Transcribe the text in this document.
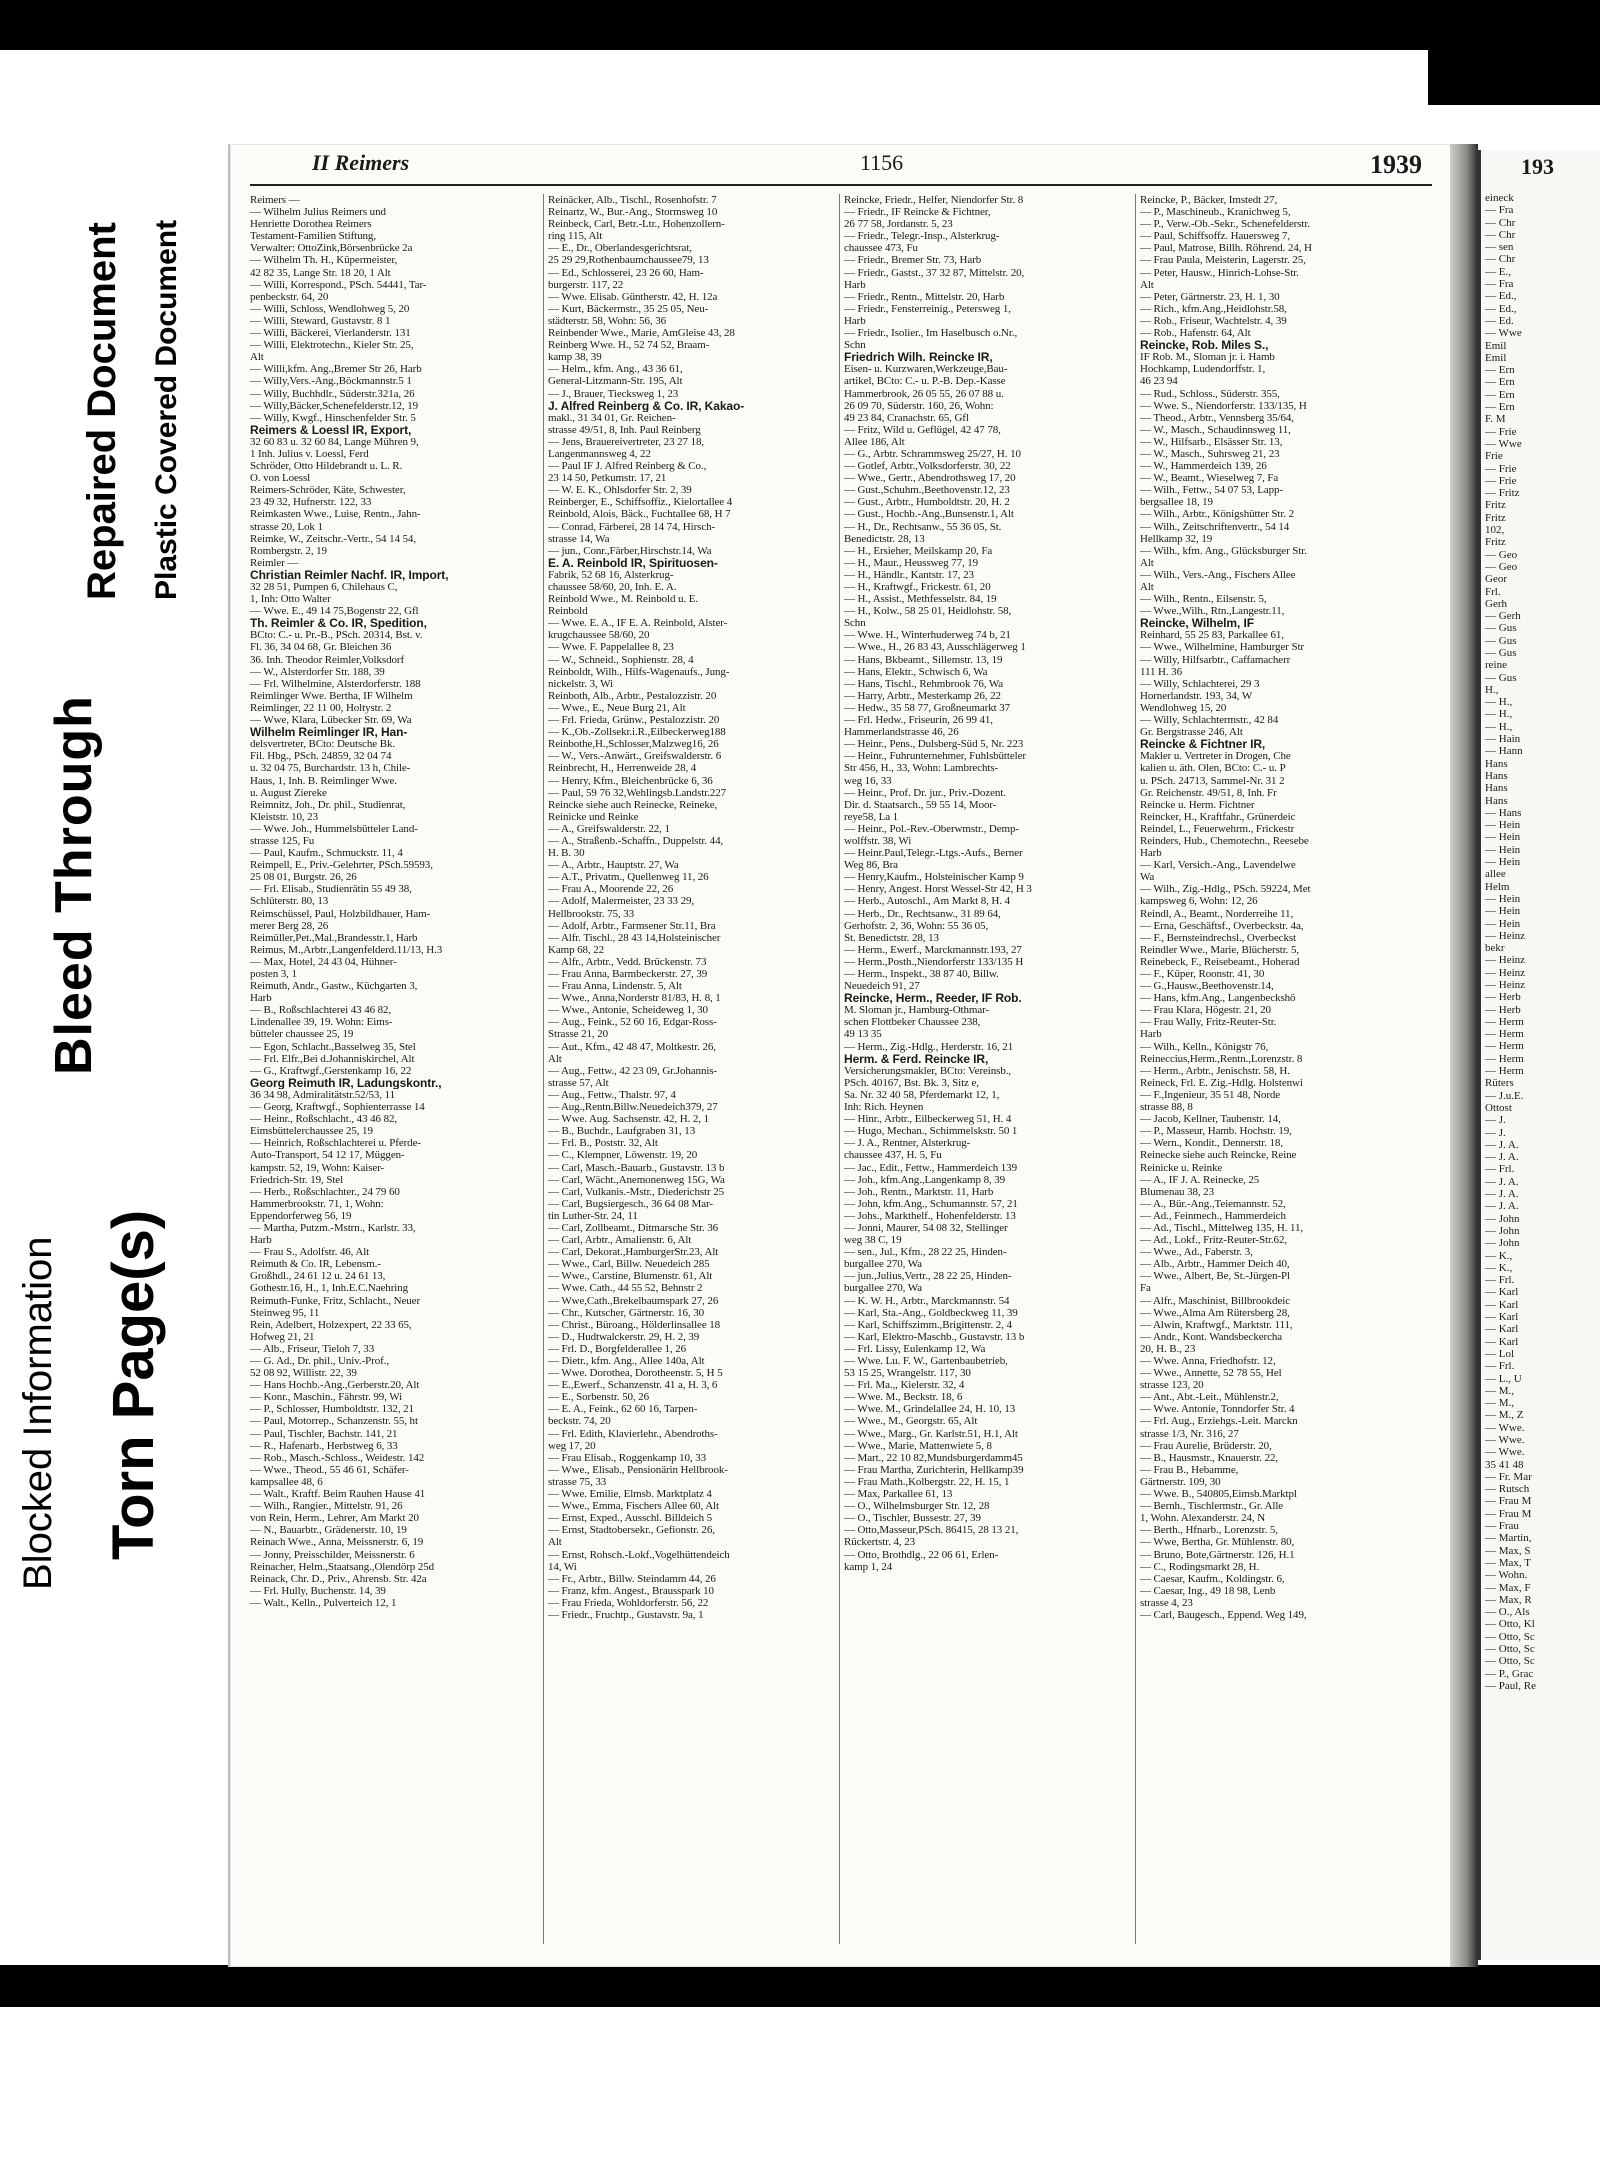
Blocked Information
Bleed Through
Torn Page(s)
Repaired Document Plastic Covered Document
II Reimers	1156	1939
Reimers —
— Wilhelm Julius Reimers und
Henriette Dorothea Reimers
Testament-Familien Stiftung,
Verwalter: OttoZink,Börsenbrücke 2a
— Wilhelm Th. H., Küpermeister,
42 82 35, Lange Str. 18 20, 1 Alt
— Willi, Korrespond., PSch. 54441, Tar-
penbeckstr. 64, 20
— Willi, Schloss, Wendlohweg 5, 20
— Willi, Steward, Gustavstr. 8 1
— Willi, Bäckerei, Vierlanderstr. 131
— Willi, Elektrotechn., Kieler Str. 25,
Alt
— Willi,kfm. Ang.,Bremer Str 26, Harb
— Willy,Vers.-Ang.,Böckmannstr.5 1
— Willy, Buchhdlr., Süderstr.321a, 26
— Willy,Bäcker,Schenefelderstr.12, 19
— Willy, Kwgf., Hinschenfelder Str. 5
Reimers & Loessl IR, Export,
32 60 83 u. 32 60 84, Lange Mühren 9,
1 Inh. Julius v. Loessl, Ferd
Schröder, Otto Hildebrandt u. L. R.
O. von Loessl
Reimers-Schröder, Käte, Schwester,
23 49 32, Hufnerstr. 122, 33
Reimkasten Wwe., Luise, Rentn., Jahn-
strasse 20, Lok 1
Reimke, W., Zeitschr.-Vertr., 54 14 54,
Rombergstr. 2, 19
Reimler —
Christian Reimler Nachf. IR, Import,
32 28 51, Pumpen 6, Chilehaus C,
1, Inh: Otto Walter
— Wwe. E., 49 14 75,Bogenstr 22, Gfl
Th. Reimler & Co. IR, Spedition,
BCto: C.- u. Pr.-B., PSch. 20314, Bst. v.
Fl. 36, 34 04 68, Gr. Bleichen 36
36. Inh. Theodor Reimler,Volksdorf
— W., Alsterdorfer Str. 188, 39
— Frl. Wilhelmine, Alsterdorferstr. 188
Reimlinger Wwe. Bertha, IF Wilhelm
Reimlinger, 22 11 00, Holtystr. 2
— Wwe, Klara, Lübecker Str. 69, Wa
Wilhelm Reimlinger IR, Han-
delsvertreter, BCto: Deutsche Bk.
Fil. Hbg., PSch. 24859, 32 04 74
u. 32 04 75, Burchardstr. 13 h, Chile-
Haus, 1, Inh. B. Reimlinger Wwe.
u. August Ziereke
Reimnitz, Joh., Dr. phil., Studienrat,
Kleiststr. 10, 23
— Wwe. Joh., Hummelsbütteler Land-
strasse 125, Fu
— Paul, Kaufm., Schmuckstr. 11, 4
Reimpell, E., Priv.-Gelehrter, PSch.59593,
25 08 01, Burgstr. 26, 26
— Frl. Elisab., Studienrätin 55 49 38,
Schlüterstr. 80, 13
Reimschüssel, Paul, Holzbildhauer, Ham-
merer Berg 28, 26
Reimüller,Pet.,Mal.,Brandesstr.1, Harb
Reimus, M.,Arbtr.,Langenfelderd.11/13, H.3
— Max, Hotel, 24 43 04, Hühner-
posten 3, 1
Reimuth, Andr., Gastw., Küchgarten 3,
Harb
— B., Roßschlachterei 43 46 82,
Lindenallee 39, 19. Wohn: Eims-
bütteler chaussee 25, 19
— Egon, Schlacht.,Basselweg 35, Stel
— Frl. Elfr.,Bei d.Johanniskirchel, Alt
— G., Kraftwgf.,Gerstenkamp 16, 22
Georg Reimuth IR, Ladungskontr.,
36 34 98, Admiralitätstr.52/53, 11
— Georg, Kraftwgf., Sophienterrasse 14
— Heinr., Roßschlacht., 43 46 82,
Eimsbüttelerchaussee 25, 19
— Heinrich, Roßschlachterei u. Pferde-
Auto-Transport, 54 12 17, Müggen-
kampstr. 52, 19, Wohn: Kaiser-
Friedrich-Str. 19, Stel
— Herb., Roßschlachter., 24 79 60
Hammerbrookstr. 71, 1, Wohn:
Eppendorferweg 56, 19
— Martha, Putzm.-Mstrn., Karlstr. 33,
Harb
— Frau S., Adolfstr. 46, Alt
Reimuth & Co. IR, Lebensm.-
Großhdl., 24 61 12 u. 24 61 13,
Gothestr.16, H., 1, Inh.E.C.Naehring
Reimuth-Funke, Fritz, Schlacht., Neuer
Steinweg 95, 11
Rein, Adelbert, Holzexpert, 22 33 65,
Hofweg 21, 21
— Alb., Friseur, Tieloh 7, 33
— G. Ad., Dr. phil., Univ.-Prof.,
52 08 92, Willistr. 22, 39
— Hans Hochb.-Ang.,Gerberstr.20, Alt
— Konr., Maschin., Fährstr. 99, Wi
— P., Schlosser, Humboldtstr. 132, 21
— Paul, Motorrep., Schanzenstr. 55, ht
— Paul, Tischler, Bachstr. 141, 21
— R., Hafenarb., Herbstweg 6, 33
— Rob., Masch.-Schloss., Weidestr. 142
— Wwe., Theod., 55 46 61, Schäfer-
kampsallee 48, 6
— Walt., Kraftf. Beim Rauhen Hause 41
— Wilh., Rangier., Mittelstr. 91, 26
von Rein, Herm., Lehrer, Am Markt 20
— N., Bauarbtr., Grädenerstr. 10, 19
Reinach Wwe., Anna, Meissnerstr. 6, 19
— Jonny, Preisschilder, Meissnerstr. 6
Reinacher, Helm.,Staatsang.,Olendörp 25d
Reinack, Chr. D., Priv., Ahrensb. Str. 42a
— Frl. Hully, Buchenstr. 14, 39
— Walt., Kelln., Pulverteich 12, 1
Reinäcker, Alb., Tischl., Rosenhofstr. 7
Reinartz, W., Bur.-Ang., Stormsweg 10
Reinbeck, Carl, Betr.-Ltr., Hohenzollern-
ring 115, Alt
— E., Dr., Oberlandesgerichtsrat,
25 29 29,Rothenbaumchaussee79, 13
— Ed., Schlosserei, 23 26 60, Ham-
burgerstr. 117, 22
— Wwe. Elisab. Güntherstr. 42, H. 12a
— Kurt, Bäckermstr., 35 25 05, Neu-
städterstr. 58, Wohn: 56, 36
Reinbender Wwe., Marie, AmGleise 43, 28
Reinberg Wwe. H., 52 74 52, Braam-
kamp 38, 39
— Helm., kfm. Ang., 43 36 61,
General-Litzmann-Str. 195, Alt
— J., Brauer, Tiecksweg 1, 23
J. Alfred Reinberg & Co. IR, Kakao-
makl., 31 34 01, Gr. Reichen-
strasse 49/51, 8, Inh. Paul Reinberg
— Jens, Brauereivertreter, 23 27 18,
Langenmannsweg 4, 22
— Paul IF J. Alfred Reinberg & Co.,
23 14 50, Petkumstr. 17, 21
— W. E. K., Ohlsdorfer Str. 2, 39
Reinberger, E., Schiffsoffiz., Kielortallee 4
Reinbold, Alois, Bäck., Fuchtallee 68, H 7
— Conrad, Färberei, 28 14 74, Hirsch-
strasse 14, Wa
— jun., Conr.,Färber,Hirschstr.14, Wa
E. A. Reinbold IR, Spirituosen-
Fabrik, 52 68 16, Alsterkrug-
chaussee 58/60, 20, Inh. E. A.
Reinbold Wwe., M. Reinbold u. E.
Reinbold
— Wwe. E. A., IF E. A. Reinbold, Alster-
krugchaussee 58/60, 20
— Wwe. F. Pappelallee 8, 23
— W., Schneid., Sophienstr. 28, 4
Reinboldt, Wilh., Hilfs-Wagenaufs., Jung-
nickelstr. 3, Wi
Reinboth, Alb., Arbtr., Pestalozzistr. 20
— Wwe., E., Neue Burg 21, Alt
— Frl. Frieda, Grünw., Pestalozzistr. 20
— K.,Ob.-Zollsekr.i.R.,Eilbeckerweg188
Reinbothe,H.,Schlosser,Malzweg16, 26
— W., Vers.-Anwärt., Greifswalderstr. 6
Reinbrecht, H., Herrenweide 28, 4
— Henry, Kfm., Bleichenbrücke 6, 36
— Paul, 59 76 32,Wehlingsb.Landstr.227
Reincke siehe auch Reinecke, Reineke,
Reinicke und Reinke
— A., Greifswalderstr. 22, 1
— A., Straßenb.-Schaffn., Duppelstr. 44,
H. B. 30
— A., Arbtr., Hauptstr. 27, Wa
— A.T., Privatm., Quellenweg 11, 26
— Frau A., Moorende 22, 26
— Adolf, Malermeister, 23 33 29,
Hellbrookstr. 75, 33
— Adolf, Arbtr., Farmsener Str.11, Bra
— Alfr. Tischl., 28 43 14,Holsteinischer
Kamp 68, 22
— Alfr., Arbtr., Vedd. Brückenstr. 73
— Frau Anna, Barmbeckerstr. 27, 39
— Frau Anna, Lindenstr. 5, Alt
— Wwe., Anna,Norderstr 81/83, H. 8, 1
— Wwe., Antonie, Scheideweg 1, 30
— Aug., Feink., 52 60 16, Edgar-Ross-
Strasse 21, 20
— Aut., Kfm., 42 48 47, Moltkestr. 26,
Alt
— Aug., Fettw., 42 23 09, Gr.Johannis-
strasse 57, Alt
— Aug., Fettw., Thalstr. 97, 4
— Aug.,Rentn.Billw.Neuedeich379, 27
— Wwe. Aug. Sachsenstr. 42, H. 2, 1
— B., Buchdr., Laufgraben 31, 13
— Frl. B., Poststr. 32, Alt
— C., Klempner, Löwenstr. 19, 20
— Carl, Masch.-Bauarb., Gustavstr. 13 b
— Carl, Wächt.,Anemonenweg 15G, Wa
— Carl, Vulkanis.-Mstr., Diederichstr 25
— Carl, Bugsiergesch., 36 64 08 Mar-
tin Luther-Str. 24, 11
— Carl, Zollbeamt., Ditmarsche Str. 36
— Carl, Arbtr., Amalienstr. 6, Alt
— Carl, Dekorat.,HamburgerStr.23, Alt
— Wwe., Carl, Billw. Neuedeich 285
— Wwe., Carstine, Blumenstr. 61, Alt
— Wwe. Cath., 44 55 52, Behnstr 2
— Wwe,Cath.,Brekelbaumspark 27, 26
— Chr., Kutscher, Gärtnerstr. 16, 30
— Christ., Büroang., Hölderlinsallee 18
— D., Hudtwalckerstr. 29, H. 2, 39
— Frl. D., Borgfelderallee 1, 26
— Dietr., kfm. Ang., Allee 140a, Alt
— Wwe. Dorothea, Dorotheenstr. 5, H 5
— E.,Ewerf., Schanzenstr. 41 a, H. 3, 6
— E., Sorbenstr. 50, 26
— E. A., Feink., 62 60 16, Tarpen-
beckstr. 74, 20
— Frl. Edith, Klavierlehr., Abendroths-
weg 17, 20
— Frau Elisab., Roggenkamp 10, 33
— Wwe., Elisab., Pensionärin Hellbrook-
strasse 75, 33
— Wwe. Emilie, Elmsb. Marktplatz 4
— Wwe., Emma, Fischers Allee 60, Alt
— Ernst, Exped., Ausschl. Billdeich 5
— Ernst, Stadtobersekr., Gefionstr. 26,
Alt
— Ernst, Rohsch.-Lokf.,Vogelhüttendeich
14, Wi
— Fr., Arbtr., Billw. Steindamm 44, 26
— Franz, kfm. Angest., Brausspark 10
— Frau Frieda, Wohldorferstr. 56, 22
— Friedr., Fruchtp., Gustavstr. 9a, 1
Reincke, Friedr., Helfer, Niendorfer Str. 8
— Friedr., IF Reincke & Fichtner,
26 77 58, Jordanstr. 5, 23
— Friedr., Telegr.-Insp., Alsterkrug-
chaussee 473, Fu
— Friedr., Bremer Str. 73, Harb
— Friedr., Gastst., 37 32 87, Mittelstr. 20,
Harb
— Friedr., Rentn., Mittelstr. 20, Harb
— Friedr., Fensterreinig., Petersweg 1,
Harb
— Friedr., Isolier., Im Haselbusch o.Nr.,
Schn
Friedrich Wilh. Reincke IR,
Eisen- u. Kurzwaren,Werkzeuge,Bau-
artikel, BCto: C.- u. P.-B. Dep.-Kasse
Hammerbrook, 26 05 55, 26 07 88 u.
26 09 70, Süderstr. 160, 26, Wohn:
49 23 84, Cranachstr. 65, Gfl
— Fritz, Wild u. Geflügel, 42 47 78,
Allee 186, Alt
— G., Arbtr. Schrammsweg 25/27, H. 10
— Gotlef, Arbtr.,Volksdorferstr. 30, 22
— Wwe., Gertr., Abendrothsweg 17, 20
— Gust.,Schuhm.,Beethovenstr.12, 23
— Gust., Arbtr., Humboldtstr. 20, H. 2
— Gust., Hochb.-Ang.,Bunsenstr.1, Alt
— H., Dr., Rechtsanw., 55 36 05, St.
Benedictstr. 28, 13
— H., Ersieher, Meilskamp 20, Fa
— H., Maur., Heussweg 77, 19
— H., Händlr., Kantstr. 17, 23
— H., Kraftwgf., Frickestr. 61, 20
— H., Assist., Methfesselstr. 84, 19
— H., Kolw., 58 25 01, Heidlohstr. 58,
Schn
— Wwe. H., Winterhuderweg 74 b, 21
— Wwe., H., 26 83 43, Ausschlägerweg 1
— Hans, Bkbeamt., Sillemstr. 13, 19
— Hans, Elektr., Schwisch 6, Wa
— Hans, Tischl., Rehmbrook 76, Wa
— Harry, Arbtr., Mesterkamp 26, 22
— Hedw., 35 58 77, Großneumarkt 37
— Frl. Hedw., Friseurin, 26 99 41,
Hammerlandstrasse 46, 26
— Heinr., Pens., Dulsberg-Süd 5, Nr. 223
— Heinr., Fuhrunternehmer, Fuhlsbütteler
Str 456, H., 33, Wohn: Lambrechts-
weg 16, 33
— Heinr., Prof. Dr. jur., Priv.-Dozent.
Dir. d. Staatsarch., 59 55 14, Moor-
reye58, La 1
— Heinr., Pol.-Rev.-Oberwmstr., Demp-
wolffstr. 38, Wi
— Heinr.Paul,Telegr.-Ltgs.-Aufs., Berner
Weg 86, Bra
— Henry,Kaufm., Holsteinischer Kamp 9
— Henry, Angest. Horst Wessel-Str 42, H 3
— Herb., Autoschl., Am Markt 8, H. 4
— Herb., Dr., Rechtsanw., 31 89 64,
Gerhofstr. 2, 36, Wohn: 55 36 05,
St. Benedictstr. 28, 13
— Herm., Ewerf., Marckmannstr.193, 27
— Herm.,Posth.,Niendorferstr 133/135 H
— Herm., Inspekt., 38 87 40, Billw.
Neuedeich 91, 27
Reincke, Herm., Reeder, IF Rob.
M. Sloman jr., Hamburg-Othmar-
schen Flottbeker Chaussee 238,
49 13 35
— Herm., Zig.-Hdlg., Herderstr. 16, 21
Herm. & Ferd. Reincke IR,
Versicherungsmakler, BCto: Vereinsb.,
PSch. 40167, Bst. Bk. 3, Sitz e,
Sa. Nr. 32 40 58, Pferdemarkt 12, 1,
Inh: Rich. Heynen
— Hinr., Arbtr., Eilbeckerweg 51, H. 4
— Hugo, Mechan., Schimmelskstr. 50 1
— J. A., Rentner, Alsterkrug-
chaussee 437, H. 5, Fu
— Jac., Edit., Fettw., Hammerdeich 139
— Joh., kfm.Ang.,Langenkamp 8, 39
— Joh., Rentn., Marktstr. 11, Harb
— John, kfm.Ang., Schumannstr. 57, 21
— Johs., Markthelf., Hohenfelderstr. 13
— Jonni, Maurer, 54 08 32, Stellinger
weg 38 C, 19
— sen., Jul., Kfm., 28 22 25, Hinden-
burgallee 270, Wa
— jun.,Julius,Vertr., 28 22 25, Hinden-
burgallee 270, Wa
— K. W. H., Arbtr., Marckmannstr. 54
— Karl, Sta.-Ang., Goldbeckweg 11, 39
— Karl, Schiffszimm.,Brigittenstr. 2, 4
— Karl, Elektro-Maschb., Gustavstr. 13 b
— Frl. Lissy, Eulenkamp 12, Wa
— Wwe. Lu. F. W., Gartenbaubetrieb,
53 15 25, Wrangelstr. 117, 30
— Frl. Ma.,, Kielerstr. 32, 4
— Wwe. M., Beckstr. 18, 6
— Wwe. M., Grindelallee 24, H. 10, 13
— Wwe., M., Georgstr. 65, Alt
— Wwe., Marg., Gr. Karlstr.51, H.1, Alt
— Wwe., Marie, Mattenwiete 5, 8
— Mart., 22 10 82,Mundsburgerdamm45
— Frau Martha, Zurichterin, Hellkamp39
— Frau Math.,Kolbergstr. 22, H. 15, 1
— Max, Parkallee 61, 13
— O., Wilhelmsburger Str. 12, 28
— O., Tischler, Bussestr. 27, 39
— Otto,Masseur,PSch. 86415, 28 13 21,
Rückertstr. 4, 23
— Otto, Brothdlg., 22 06 61, Erlen-
kamp 1, 24
Reincke, P., Bäcker, Imstedt 27,
— P., Maschineub., Kranichweg 5,
— P., Verw.-Ob.-Sekr., Schenefelderstr.
— Paul, Schiffsoffz. Hauersweg 7,
— Paul, Matrose, Billh. Röhrend. 24, H
— Frau Paula, Meisterin, Lagerstr. 25,
— Peter, Hausw., Hinrich-Lohse-Str.
Alt
— Peter, Gärtnerstr. 23, H. 1, 30
— Rich., kfm.Ang.,Heidlohstr.58,
— Rob., Friseur, Wachtelstr. 4, 39
— Rob., Hafenstr. 64, Alt
Reincke, Rob. Miles S.,
IF Rob. M., Sloman jr. i. Hamb
Hochkamp, Ludendorffstr. 1,
46 23 94
— Rud., Schloss., Süderstr. 355,
— Wwe. S., Niendorferstr. 133/135, H
— Theod., Arbtr., Vennsberg 35/64,
— W., Masch., Schaudinnsweg 11,
— W., Hilfsarb., Elsässer Str. 13,
— W., Masch., Suhrsweg 21, 23
— W., Hammerdeich 139, 26
— W., Beamt., Wieselweg 7, Fa
— Wilh., Fettw., 54 07 53, Lapp-
bergsallee 18, 19
— Wilh., Arbtr., Königshütter Str. 2
— Wilh., Zeitschriftenvertr., 54 14
Hellkamp 32, 19
— Wilh., kfm. Ang., Glücksburger Str.
Alt
— Wilh., Vers.-Ang., Fischers Allee
Alt
— Wilh., Rentn., Eilsenstr. 5,
— Wwe.,Wilh., Rtn.,Langestr.11,
Reincke, Wilhelm, IF
Reinhard, 55 25 83, Parkallee 61,
— Wwe., Wilhelmine, Hamburger Str
— Willy, Hilfsarbtr., Caffamacherr
111 H. 36
— Willy, Schlachterei, 29 3
Hornerlandstr. 193, 34, W
Wendlohweg 15, 20
— Willy, Schlachtermstr., 42 84
Gr. Bergstrasse 246, Alt
Reincke & Fichtner IR,
Makler u. Vertreter in Drogen, Che
kalien u. äth. Olen, BCto: C.- u. P
u. PSch. 24713, Sammel-Nr. 31 2
Gr. Reichenstr. 49/51, 8, Inh. Fr
Reincke u. Herm. Fichtner
Reincker, H., Kraftfahr., Grünerdeic
Reindel, L., Feuerwehrm., Frickestr
Reinders, Hub., Chemotechn., Reesebe
Harb
— Karl, Versich.-Ang., Lavendelwe
Wa
— Wilh., Zig.-Hdlg., PSch. 59224, Met
kampsweg 6, Wohn: 12, 26
Reindl, A., Beamt., Norderreihe 11,
— Erna, Geschäftsf., Overbeckstr. 4a,
— F., Bernsteindrechsl., Overbeckst
Reindler Wwe., Marie, Blücherstr. 5,
Reinebeck, F., Reisebeamt., Hoherad
— F., Küper, Roonstr. 41, 30
— G.,Hausw.,Beethovenstr.14,
— Hans, kfm.Ang., Langenbeckshö
— Frau Klara, Högestr. 21, 20
— Frau Wally, Fritz-Reuter-Str.
Harb
— Wilh., Kelln., Königstr 76,
Reineccius,Herm.,Rentn.,Lorenzstr. 8
— Herm., Arbtr., Jenischstr. 58, H.
Reineck, Frl. E. Zig.-Hdlg. Holstenwi
— F.,Ingenieur, 35 51 48, Norde
strasse 88, 8
— Jacob, Kellner, Taubenstr. 14,
— P., Masseur, Hamb. Hochstr. 19,
— Wern., Kondit., Dennerstr. 18,
Reinecke siehe auch Reincke, Reine
Reinicke u. Reinke
— A., IF J. A. Reinecke, 25
Blumenau 38, 23
— A., Bür.-Ang.,Teiemannstr. 52,
— Ad., Feinmech., Hammerdeich
— Ad., Tischl., Mittelweg 135, H. 11,
— Ad., Lokf., Fritz-Reuter-Str.62,
— Wwe., Ad., Faberstr. 3,
— Alb., Arbtr., Hammer Deich 40,
— Wwe., Albert, Be, St.-Jürgen-Pl
Fa
— Alfr., Maschinist, Billbrookdeic
— Wwe.,Alma Am Rütersberg 28,
— Alwin, Kraftwgf., Marktstr. 111,
— Andr., Kont. Wandsbeckercha
20, H. B., 23
— Wwe. Anna, Friedhofstr. 12,
— Wwe., Annette, 52 78 55, Hel
strasse 123, 20
— Ant., Abt.-Leit., Mühlenstr.2,
— Wwe. Antonie, Tonndorfer Str. 4
— Frl. Aug., Erziehgs.-Leit. Marckn
strasse 1/3, Nr. 316, 27
— Frau Aurelie, Brüderstr. 20,
— B., Hausmstr., Knauerstr. 22,
— Frau B., Hebamme,
Gärtnerstr. 109, 30
— Wwe. B., 540805,Eimsb.Marktpl
— Bernh., Tischlermstr., Gr. Alle
1, Wohn. Alexanderstr. 24, N
— Berth., Hfnarb., Lorenzstr. 5,
— Wwe, Bertha, Gr. Mühlenstr. 80,
— Bruno, Bote,Gärtnerstr. 126, H.1
— C., Rodingsmarkt 28, H.
— Caesar, Kaufm., Koldingstr. 6,
— Caesar, Ing., 49 18 98, Lenb
strasse 4, 23
— Carl, Baugesch., Eppend. Weg 149,
193
eineck
— Fra
— Chr
— Chr
— sen
— Chr
— E.,
— Fra
— Ed.,
— Ed.,
— Ed.
— Wwe
Emil
Emil
— Ern
— Ern
— Ern
— Ern
F. M
— Frie
— Wwe
Frie
— Frie
— Frie
— Fritz
Fritz
Fritz
102,
Fritz
— Geo
— Geo
Geor
Frl.
Gerh
— Gerh
— Gus
— Gus
— Gus
reine
— Gus
H.,
— H.,
— H.,
— H.,
— Hain
— Hann
Hans
Hans
Hans
Hans
— Hans
— Hein
— Hein
— Hein
— Hein
allee
Helm
— Hein
— Hein
— Hein
— Heinz
bekr
— Heinz
— Heinz
— Heinz
— Herb
— Herb
— Herm
— Herm
— Herm
— Herm
— Herm
Rüters
— J.u.E.
Ottost
— J.
— J.
— J. A.
— J. A.
— Frl.
— J. A.
— J. A.
— J. A.
— John
— John
— John
— K.,
— K.,
— Frl.
— Karl
— Karl
— Karl
— Karl
— Karl
— Lol
— Frl.
— L., U
— M.,
— M.,
— M., Z
— Wwe.
— Wwe.
— Wwe.
35 41 48
— Fr. Mar
— Rutsch
— Frau M
— Frau M
— Frau
— Martin,
— Max, S
— Max, T
— Wohn.
— Max, F
— Max, R
— O., Als
— Otto, Kl
— Otto, Sc
— Otto, Sc
— Otto, Sc
— P., Grac
— Paul, Re
